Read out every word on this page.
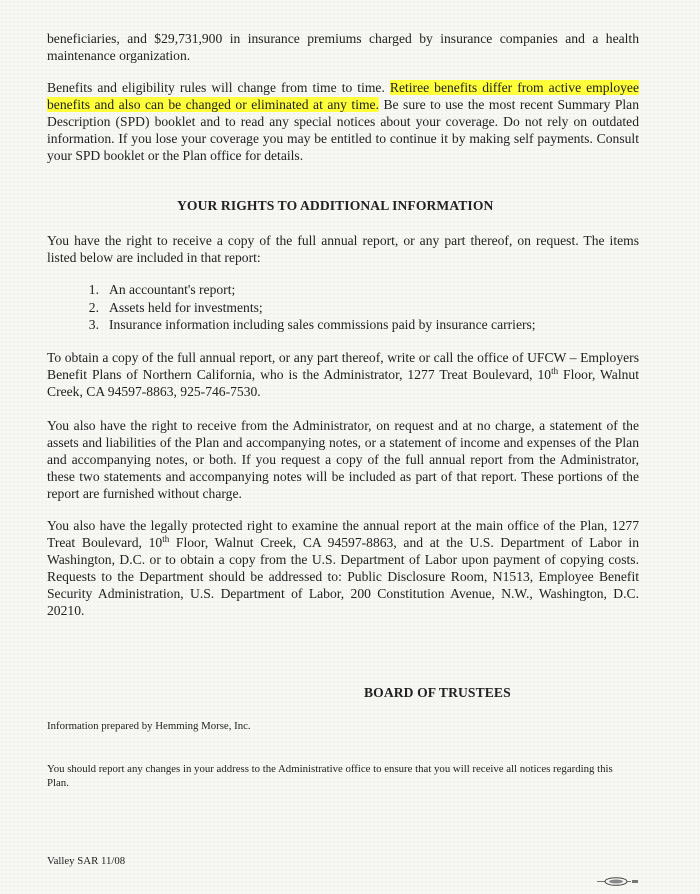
beneficiaries, and $29,731,900 in insurance premiums charged by insurance companies and a health maintenance organization.

Benefits and eligibility rules will change from time to time. Retiree benefits differ from active employee benefits and also can be changed or eliminated at any time. Be sure to use the most recent Summary Plan Description (SPD) booklet and to read any special notices about your coverage. Do not rely on outdated information. If you lose your coverage you may be entitled to continue it by making self payments. Consult your SPD booklet or the Plan office for details.

YOUR RIGHTS TO ADDITIONAL INFORMATION

You have the right to receive a copy of the full annual report, or any part thereof, on request. The items listed below are included in that report:

1. An accountant's report;
2. Assets held for investments;
3. Insurance information including sales commissions paid by insurance carriers;

To obtain a copy of the full annual report, or any part thereof, write or call the office of UFCW – Employers Benefit Plans of Northern California, who is the Administrator, 1277 Treat Boulevard, 10th Floor, Walnut Creek, CA 94597-8863, 925-746-7530.

You also have the right to receive from the Administrator, on request and at no charge, a statement of the assets and liabilities of the Plan and accompanying notes, or a statement of income and expenses of the Plan and accompanying notes, or both. If you request a copy of the full annual report from the Administrator, these two statements and accompanying notes will be included as part of that report. These portions of the report are furnished without charge.

You also have the legally protected right to examine the annual report at the main office of the Plan, 1277 Treat Boulevard, 10th Floor, Walnut Creek, CA 94597-8863, and at the U.S. Department of Labor in Washington, D.C. or to obtain a copy from the U.S. Department of Labor upon payment of copying costs. Requests to the Department should be addressed to: Public Disclosure Room, N1513, Employee Benefit Security Administration, U.S. Department of Labor, 200 Constitution Avenue, N.W., Washington, D.C. 20210.

BOARD OF TRUSTEES

Information prepared by Hemming Morse, Inc.

You should report any changes in your address to the Administrative office to ensure that you will receive all notices regarding this Plan.

Valley SAR 11/08
